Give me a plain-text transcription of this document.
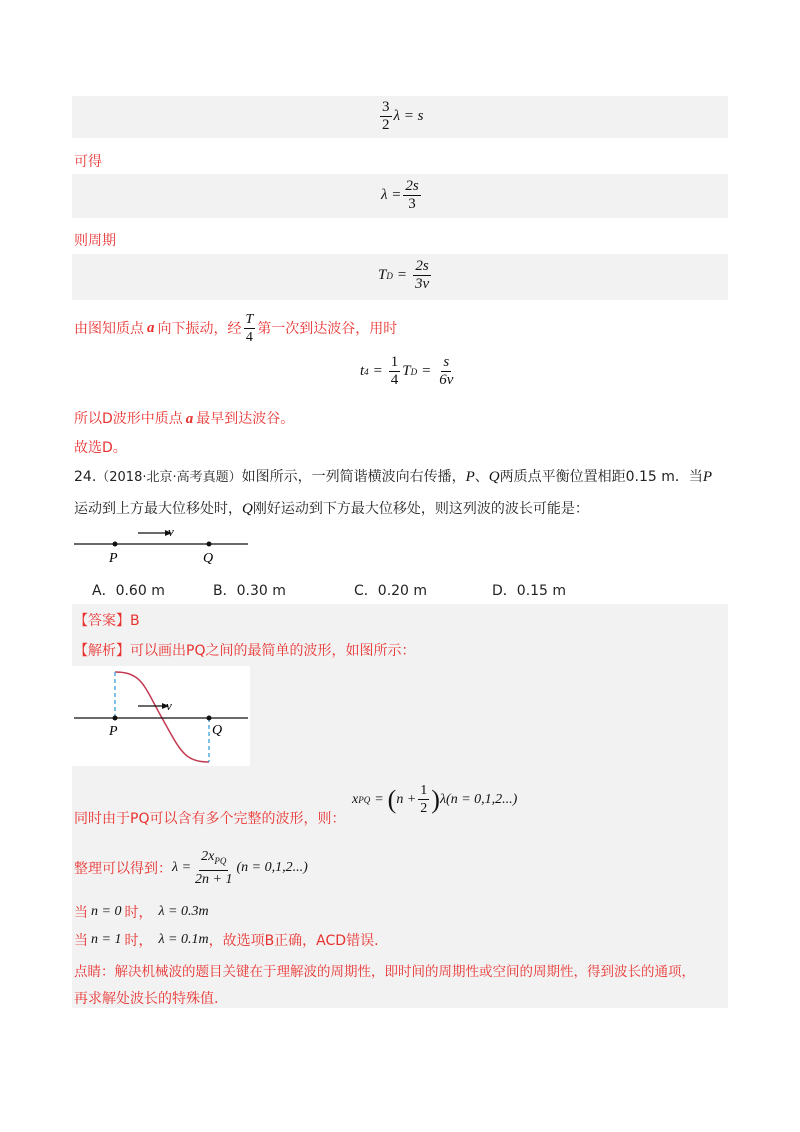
$\frac{3}{2}$ λ = s
可得
$\lambda = \frac{2s}{3}$
则周期
T $D = \frac{2s}{3v}$
由图知质点 a 向下振动，经 $\frac{T}{4}$ 第一次到达波谷，用时
t $4 = \frac{1}{4}$ T $D = \frac{s}{6v}$
所以D波形中质点 a 最早到达波谷。
故选D。
24.（2018·北京·高考真题）如图所示，一列简谐横波向右传播，P、Q两质点平衡位置相距0.15 m．当P
运动到上方最大位移处时，Q刚好运动到下方最大位移处，则这列波的波长可能是：
v
P	Q
A．0.60 m	B．0.30 m	C．0.20 m	D．0.15 m
【答案】B
【解析】可以画出PQ之间的最简单的波形，如图所示：
v
P	Q
同时由于PQ可以含有多个完整的波形，则：
x PQ = ( $n + \frac{1}{2}$ ) λ(n = 0,1,2...)
整理可以得到： $\lambda = \frac{2x_{PQ}}{2n + 1} (n = 0,1,2...)$
当 n = 0 时， λ = 0.3m
当 n = 1 时， λ = 0.1m ，故选项B正确，ACD错误.
点睛：解决机械波的题目关键在于理解波的周期性，即时间的周期性或空间的周期性，得到波长的通项，
再求解处波长的特殊值.
